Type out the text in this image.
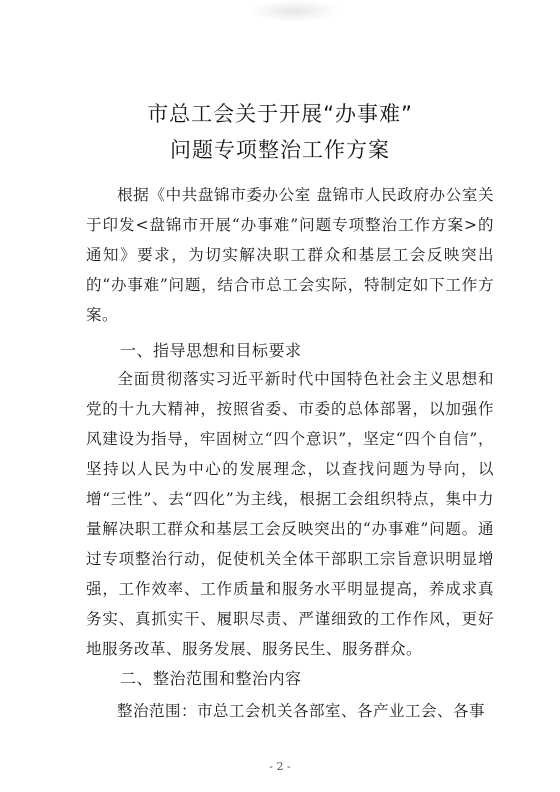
市总工会关于开展“办事难”
问题专项整治工作方案

根据《中共盘锦市委办公室 盘锦市人民政府办公室关于印发<盘锦市开展“办事难”问题专项整治工作方案>的通知》要求，为切实解决职工群众和基层工会反映突出的“办事难”问题，结合市总工会实际，特制定如下工作方案。

一、指导思想和目标要求

全面贯彻落实习近平新时代中国特色社会主义思想和党的十九大精神，按照省委、市委的总体部署，以加强作风建设为指导，牢固树立“四个意识”，坚定“四个自信”，坚持以人民为中心的发展理念，以查找问题为导向，以增“三性”、去“四化”为主线，根据工会组织特点，集中力量解决职工群众和基层工会反映突出的“办事难”问题。通过专项整治行动，促使机关全体干部职工宗旨意识明显增强，工作效率、工作质量和服务水平明显提高，养成求真务实、真抓实干、履职尽责、严谨细致的工作作风，更好地服务改革、服务发展、服务民生、服务群众。

二、整治范围和整治内容

整治范围：市总工会机关各部室、各产业工会、各事

- 2 -
